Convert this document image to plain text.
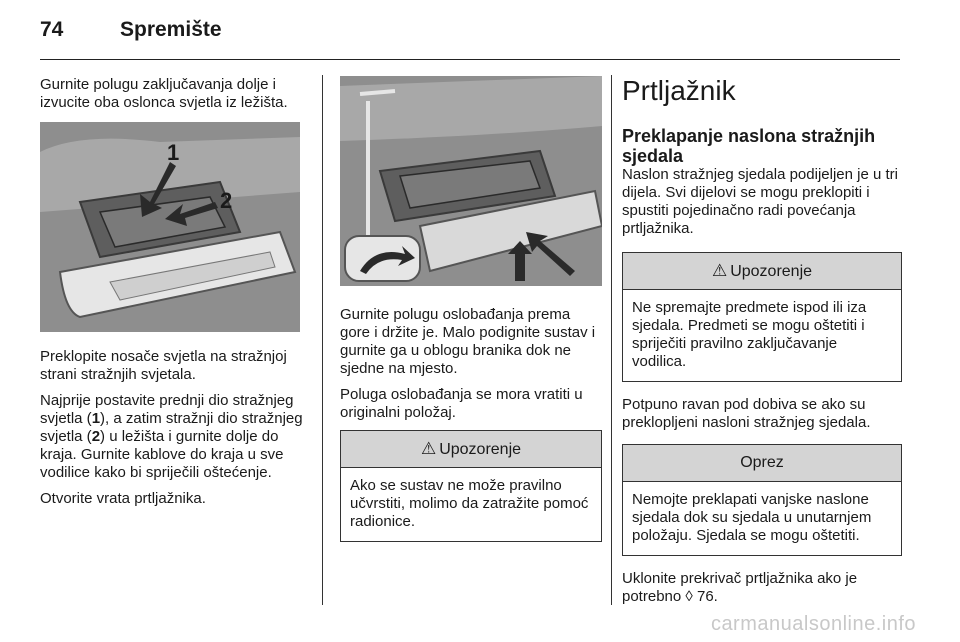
74	Spremište

Gurnite polugu zaključavanja dolje i izvucite oba oslonca svjetla iz ležišta.

1
2

Preklopite nosače svjetla na stražnjoj strani stražnjih svjetala.

Najprije postavite prednji dio stražnjeg svjetla (1), a zatim stražnji dio stražnjeg svjetla (2) u ležišta i gurnite dolje do kraja. Gurnite kablove do kraja u sve vodilice kako bi spriječili oštećenje.

Otvorite vrata prtljažnika.

Gurnite polugu oslobađanja prema gore i držite je. Malo podignite sustav i gurnite ga u oblogu branika dok ne sjedne na mjesto.

Poluga oslobađanja se mora vratiti u originalni položaj.

⚠ Upozorenje
Ako se sustav ne može pravilno učvrstiti, molimo da zatražite pomoć radionice.
Prtljažnik
Preklapanje naslona stražnjih sjedala

Naslon stražnjeg sjedala podijeljen je u tri dijela. Svi dijelovi se mogu preklopiti i spustiti pojedinačno radi povećanja prtljažnika.

⚠ Upozorenje
Ne spremajte predmete ispod ili iza sjedala. Predmeti se mogu oštetiti i spriječiti pravilno zaključavanje vodilica.

Potpuno ravan pod dobiva se ako su preklopljeni nasloni stražnjeg sjedala.

Oprez
Nemojte preklapati vanjske naslone sjedala dok su sjedala u unutarnjem položaju. Sjedala se mogu oštetiti.

Uklonite prekrivač prtljažnika ako je potrebno ◊ 76.

carmanualsonline.info
